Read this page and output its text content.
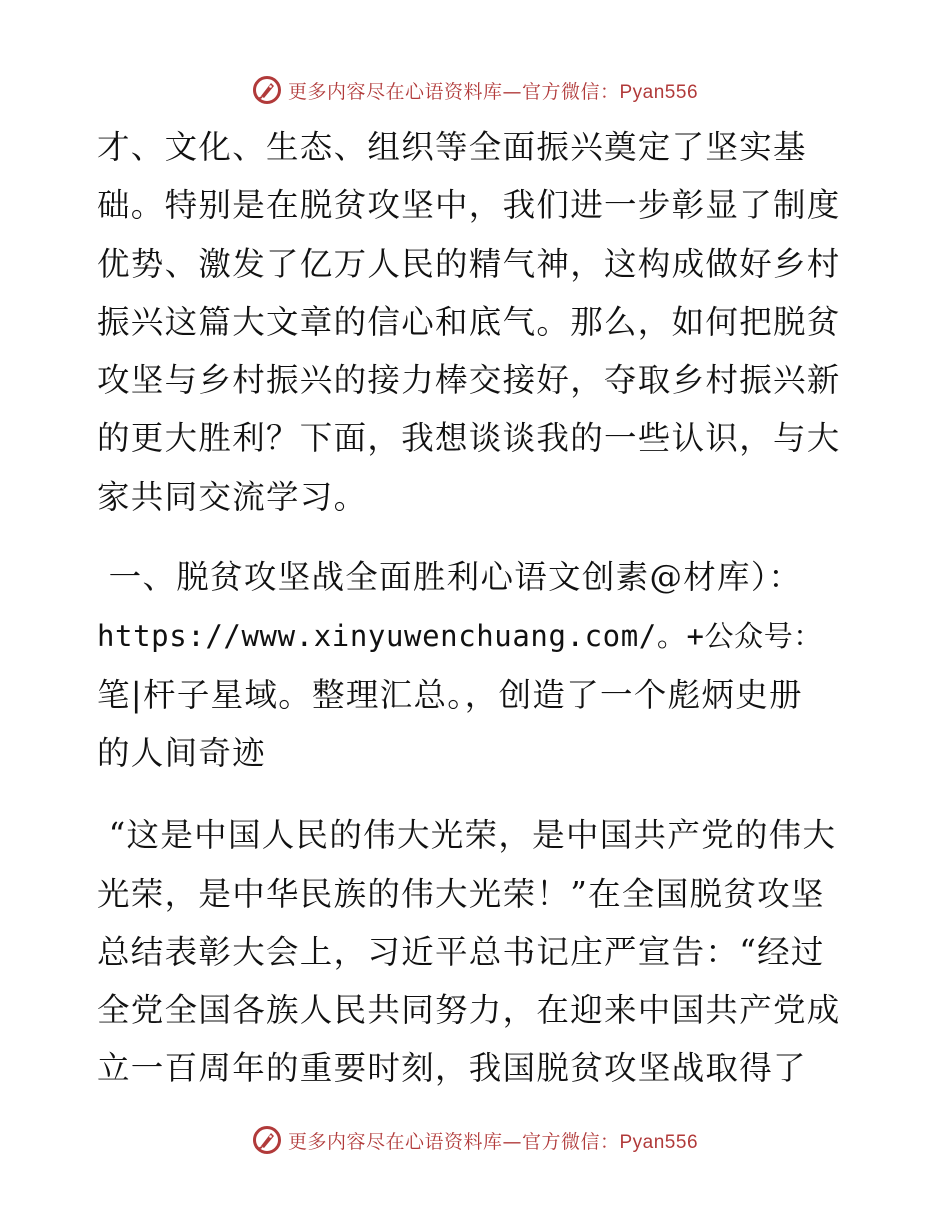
更多内容尽在心语资料库—官方微信：Pyan556

才、文化、生态、组织等全面振兴奠定了坚实基础。特别是在脱贫攻坚中，我们进一步彰显了制度优势、激发了亿万人民的精气神，这构成做好乡村振兴这篇大文章的信心和底气。那么，如何把脱贫攻坚与乡村振兴的接力棒交接好，夺取乡村振兴新的更大胜利？下面，我想谈谈我的一些认识，与大家共同交流学习。

一、脱贫攻坚战全面胜利心语文创素@材库）：
https://www.xinyuwenchuang.com/。+公众号：
笔|杆子星域。整理汇总。，创造了一个彪炳史册
的人间奇迹

“这是中国人民的伟大光荣，是中国共产党的伟大光荣，是中华民族的伟大光荣！”在全国脱贫攻坚总结表彰大会上，习近平总书记庄严宣告：“经过全党全国各族人民共同努力，在迎来中国共产党成立一百周年的重要时刻，我国脱贫攻坚战取得了

更多内容尽在心语资料库—官方微信：Pyan556
